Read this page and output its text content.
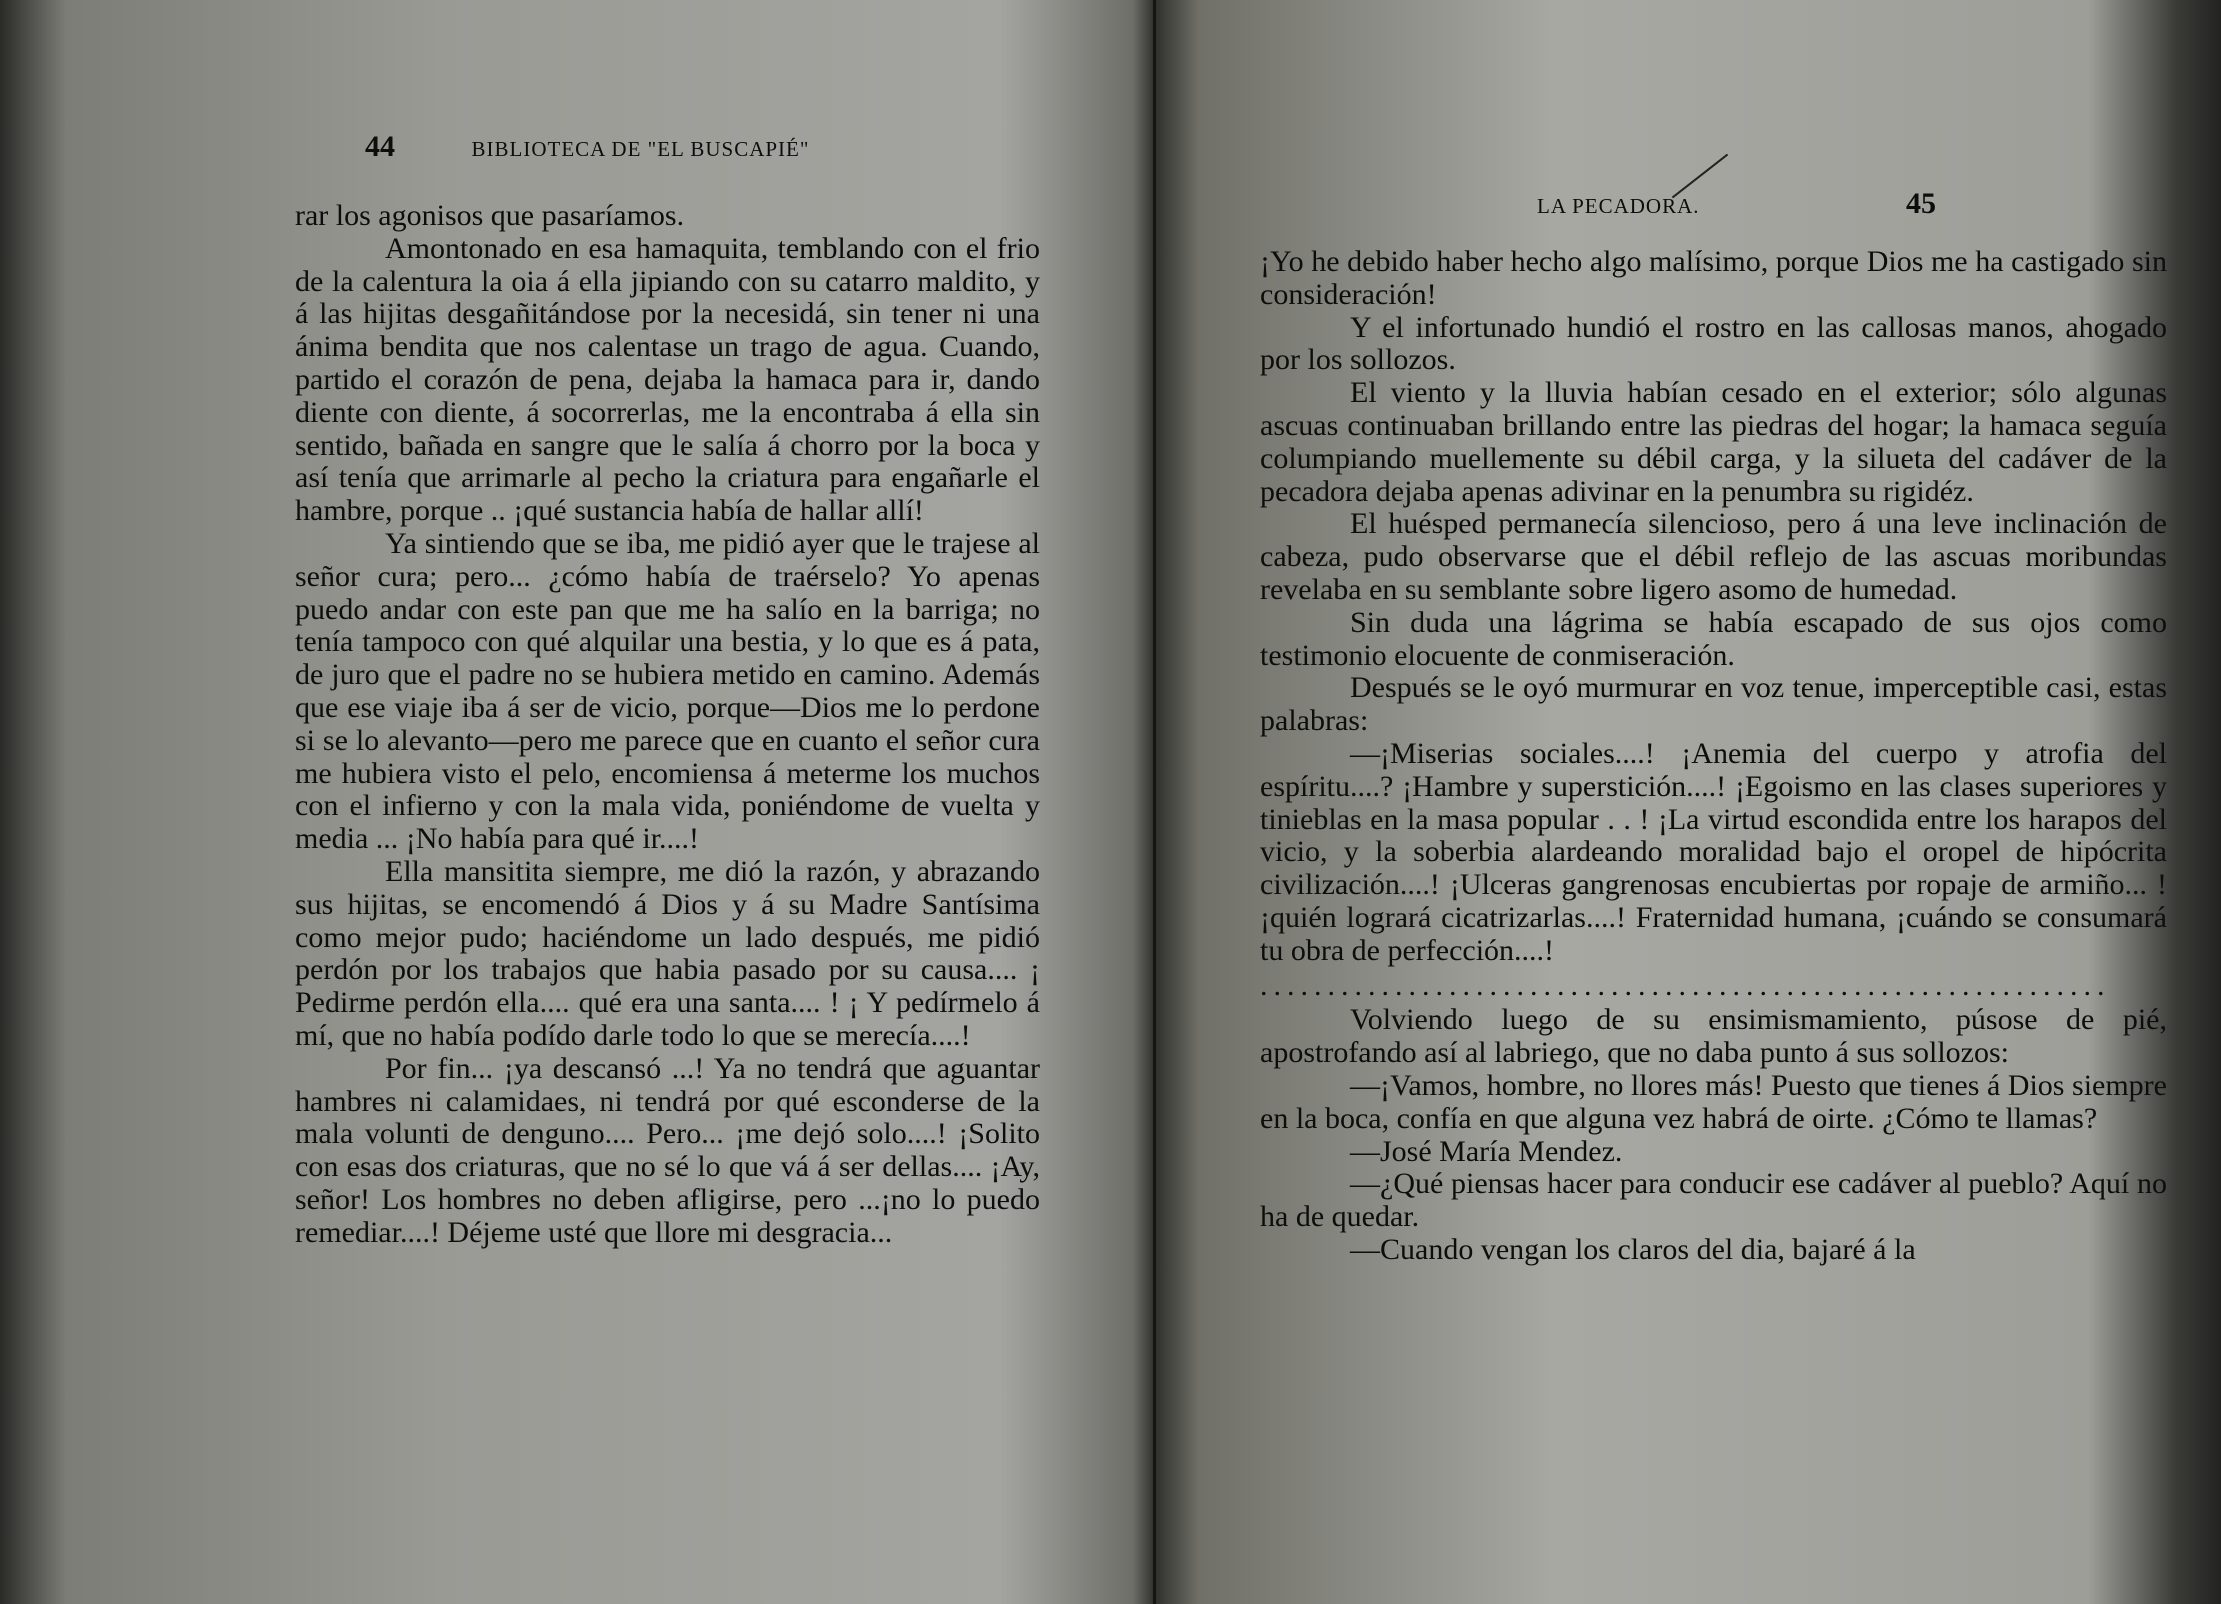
44	BIBLIOTECA DE "EL BUSCAPIÉ"

rar los agonisos que pasaríamos.

Amontonado en esa hamaquita, temblando con el frio de la calentura la oia á ella jipiando con su catarro maldito, y á las hijitas desgañitándose por la necesidá, sin tener ni una ánima bendita que nos calentase un trago de agua. Cuando, partido el corazón de pena, dejaba la hamaca para ir, dando diente con diente, á socorrerlas, me la encontraba á ella sin sentido, bañada en sangre que le salía á chorro por la boca y así tenía que arrimarle al pecho la criatura para engañarle el hambre, porque .. ¡qué sustancia había de hallar allí!

Ya sintiendo que se iba, me pidió ayer que le trajese al señor cura; pero... ¿cómo había de traérselo? Yo apenas puedo andar con este pan que me ha salío en la barriga; no tenía tampoco con qué alquilar una bestia, y lo que es á pata, de juro que el padre no se hubiera metido en camino. Además que ese viaje iba á ser de vicio, porque—Dios me lo perdone si se lo alevanto—pero me parece que en cuanto el señor cura me hubiera visto el pelo, encomiensa á meterme los muchos con el infierno y con la mala vida, poniéndome de vuelta y media ... ¡No había para qué ir....!

Ella mansitita siempre, me dió la razón, y abrazando sus hijitas, se encomendó á Dios y á su Madre Santísima como mejor pudo; haciéndome un lado después, me pidió perdón por los trabajos que habia pasado por su causa.... ¡ Pedirme perdón ella.... qué era una santa.... ! ¡ Y pedírmelo á mí, que no había podído darle todo lo que se merecía....!

Por fin... ¡ya descansó ...! Ya no tendrá que aguantar hambres ni calamidaes, ni tendrá por qué esconderse de la mala volunti de denguno.... Pero... ¡me dejó solo....! ¡Solito con esas dos criaturas, que no sé lo que vá á ser dellas.... ¡Ay, señor! Los hombres no deben afligirse, pero ...¡no lo puedo remediar....! Déjeme usté que llore mi desgracia...

LA PECADORA.	45

¡Yo he debido haber hecho algo malísimo, porque Dios me ha castigado sin consideración!

Y el infortunado hundió el rostro en las callosas manos, ahogado por los sollozos.

El viento y la lluvia habían cesado en el exterior; sólo algunas ascuas continuaban brillando entre las piedras del hogar; la hamaca seguía columpiando muellemente su débil carga, y la silueta del cadáver de la pecadora dejaba apenas adivinar en la penumbra su rigidéz.

El huésped permanecía silencioso, pero á una leve inclinación de cabeza, pudo observarse que el débil reflejo de las ascuas moribundas revelaba en su semblante sobre ligero asomo de humedad.

Sin duda una lágrima se había escapado de sus ojos como testimonio elocuente de conmiseración.

Después se le oyó murmurar en voz tenue, imperceptible casi, estas palabras:

—¡Miserias sociales....! ¡Anemia del cuerpo y atrofia del espíritu....? ¡Hambre y superstición....! ¡Egoismo en las clases superiores y tinieblas en la masa popular . . ! ¡La virtud escondida entre los harapos del vicio, y la soberbia alardeando moralidad bajo el oropel de hipócrita civilización....! ¡Ulceras gangrenosas encubiertas por ropaje de armiño... ! ¡quién logrará cicatrizarlas....! Fraternidad humana, ¡cuándo se consumará tu obra de perfección....!

...............................................................

Volviendo luego de su ensimismamiento, púsose de pié, apostrofando así al labriego, que no daba punto á sus sollozos:

—¡Vamos, hombre, no llores más! Puesto que tienes á Dios siempre en la boca, confía en que alguna vez habrá de oirte. ¿Cómo te llamas?

—José María Mendez.

—¿Qué piensas hacer para conducir ese cadáver al pueblo? Aquí no ha de quedar.

—Cuando vengan los claros del dia, bajaré á la
